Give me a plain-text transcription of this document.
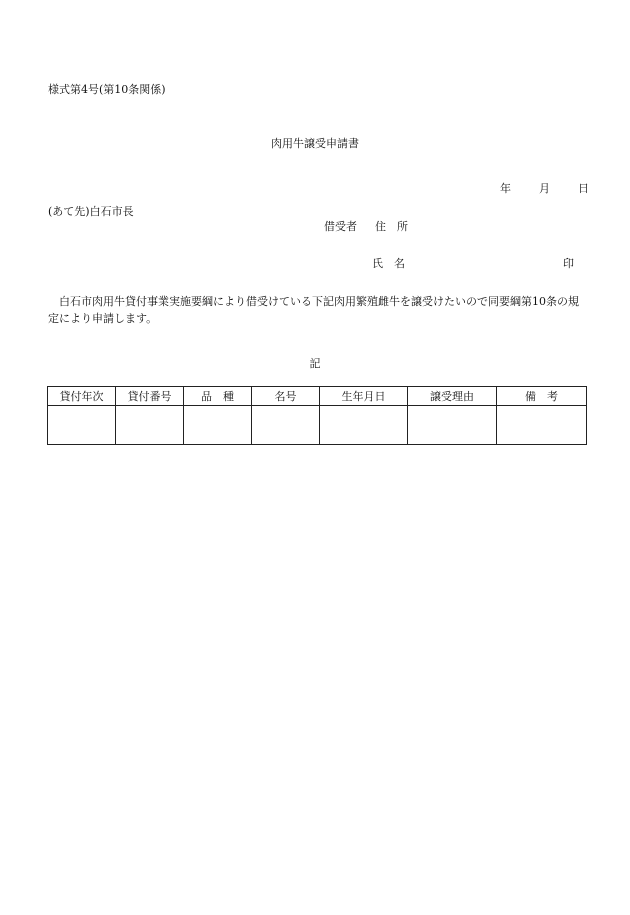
様式第4号(第10条関係)
肉用牛譲受申請書
年	月	日
(あて先)白石市長
借受者 住　所
氏　名	印
白石市肉用牛貸付事業実施要綱により借受けている下記肉用繁殖雌牛を譲受けたいので同要綱第10条の規定により申請します。
記
貸付年次	貸付番号	品　種	名号	生年月日	譲受理由	備　考
